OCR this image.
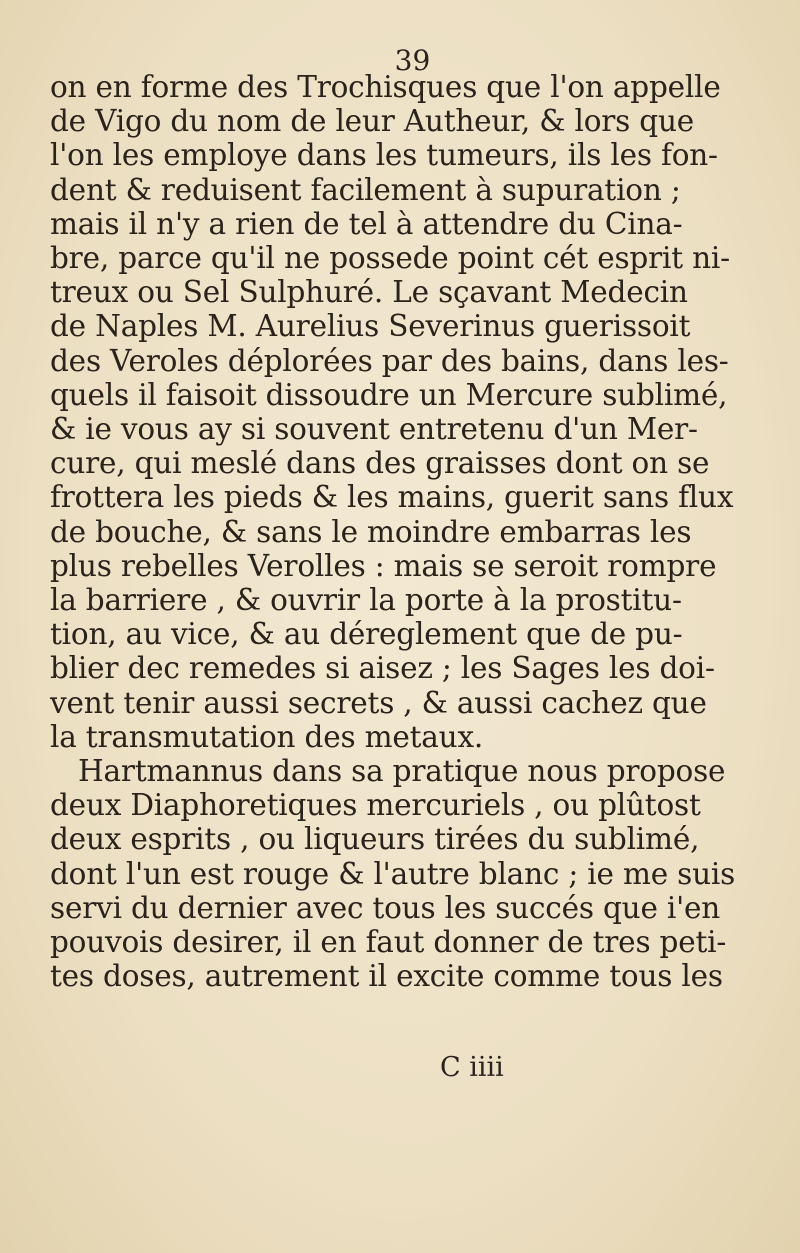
39
on en forme des Trochisques que l'on appelle
de Vigo du nom de leur Autheur, & lors que
l'on les employe dans les tumeurs, ils les fon-
dent & reduisent facilement à supuration ;
mais il n'y a rien de tel à attendre du Cina-
bre, parce qu'il ne possede point cét esprit ni-
treux ou Sel Sulphuré. Le sçavant Medecin
de Naples M. Aurelius Severinus guerissoit
des Veroles déplorées par des bains, dans les-
quels il faisoit dissoudre un Mercure sublimé,
& ie vous ay si souvent entretenu d'un Mer-
cure, qui meslé dans des graisses dont on se
frottera les pieds & les mains, guerit sans flux
de bouche, & sans le moindre embarras les
plus rebelles Verolles : mais se seroit rompre
la barriere , & ouvrir la porte à la prostitu-
tion, au vice, & au déreglement que de pu-
blier dec remedes si aisez ; les Sages les doi-
vent tenir aussi secrets , & aussi cachez que
la transmutation des metaux.
Hartmannus dans sa pratique nous propose
deux Diaphoretiques mercuriels , ou plûtost
deux esprits , ou liqueurs tirées du sublimé,
dont l'un est rouge & l'autre blanc ; ie me suis
servi du dernier avec tous les succés que i'en
pouvois desirer, il en faut donner de tres peti-
tes doses, autrement il excite comme tous les
C iiii
